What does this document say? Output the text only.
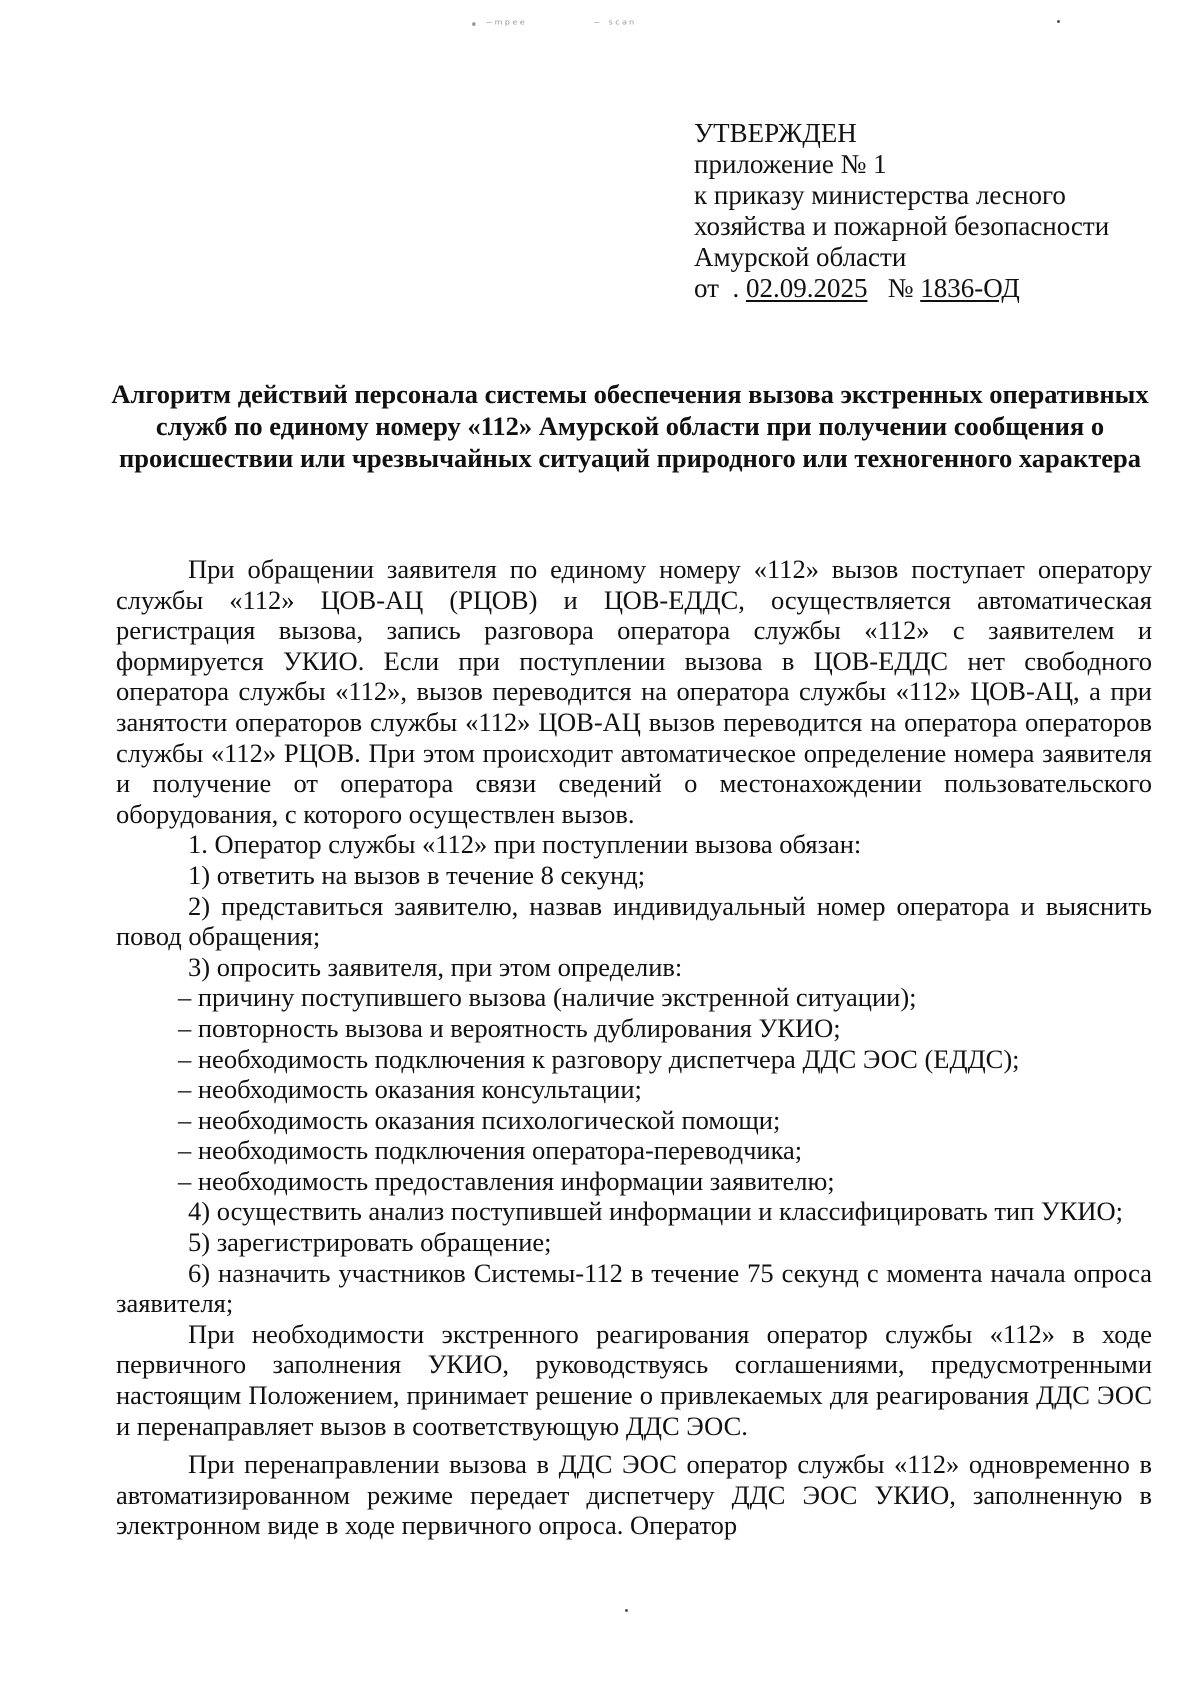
• ⁻ᵐᵖᵉᵉ	⁻ ˢᶜᵃⁿ
УТВЕРЖДЕН
приложение № 1
к приказу министерства лесного
хозяйства и пожарной безопасности
Амурской области
от  . 02.09.2025 № 1836-ОД
Алгоритм действий персонала системы обеспечения вызова экстренных оперативных служб по единому номеру «112» Амурской области при получении сообщения о происшествии или чрезвычайных ситуаций природного или техногенного характера

При обращении заявителя по единому номеру «112» вызов поступает оператору службы «112» ЦОВ-АЦ (РЦОВ) и ЦОВ-ЕДДС, осуществляется автоматическая регистрация вызова, запись разговора оператора службы «112» с заявителем и формируется УКИО. Если при поступлении вызова в ЦОВ-ЕДДС нет свободного оператора службы «112», вызов переводится на оператора службы «112» ЦОВ-АЦ, а при занятости операторов службы «112» ЦОВ-АЦ вызов переводится на оператора операторов службы «112» РЦОВ. При этом происходит автоматическое определение номера заявителя и получение от оператора связи сведений о местонахождении пользовательского оборудования, с которого осуществлен вызов.

1. Оператор службы «112» при поступлении вызова обязан:

1) ответить на вызов в течение 8 секунд;

2) представиться заявителю, назвав индивидуальный номер оператора и выяснить повод обращения;

3) опросить заявителя, при этом определив:

– причину поступившего вызова (наличие экстренной ситуации);

– повторность вызова и вероятность дублирования УКИО;

– необходимость подключения к разговору диспетчера ДДС ЭОС (ЕДДС);

– необходимость оказания консультации;

– необходимость оказания психологической помощи;

– необходимость подключения оператора-переводчика;

– необходимость предоставления информации заявителю;

4) осуществить анализ поступившей информации и классифицировать тип УКИО;

5) зарегистрировать обращение;

6) назначить участников Системы-112 в течение 75 секунд с момента начала опроса заявителя;

При необходимости экстренного реагирования оператор службы «112» в ходе первичного заполнения УКИО, руководствуясь соглашениями, предусмотренными настоящим Положением, принимает решение о привлекаемых для реагирования ДДС ЭОС и перенаправляет вызов в соответствующую ДДС ЭОС.

При перенаправлении вызова в ДДС ЭОС оператор службы «112» одновременно в автоматизированном режиме передает диспетчеру ДДС ЭОС УКИО, заполненную в электронном виде в ходе первичного опроса. Оператор
